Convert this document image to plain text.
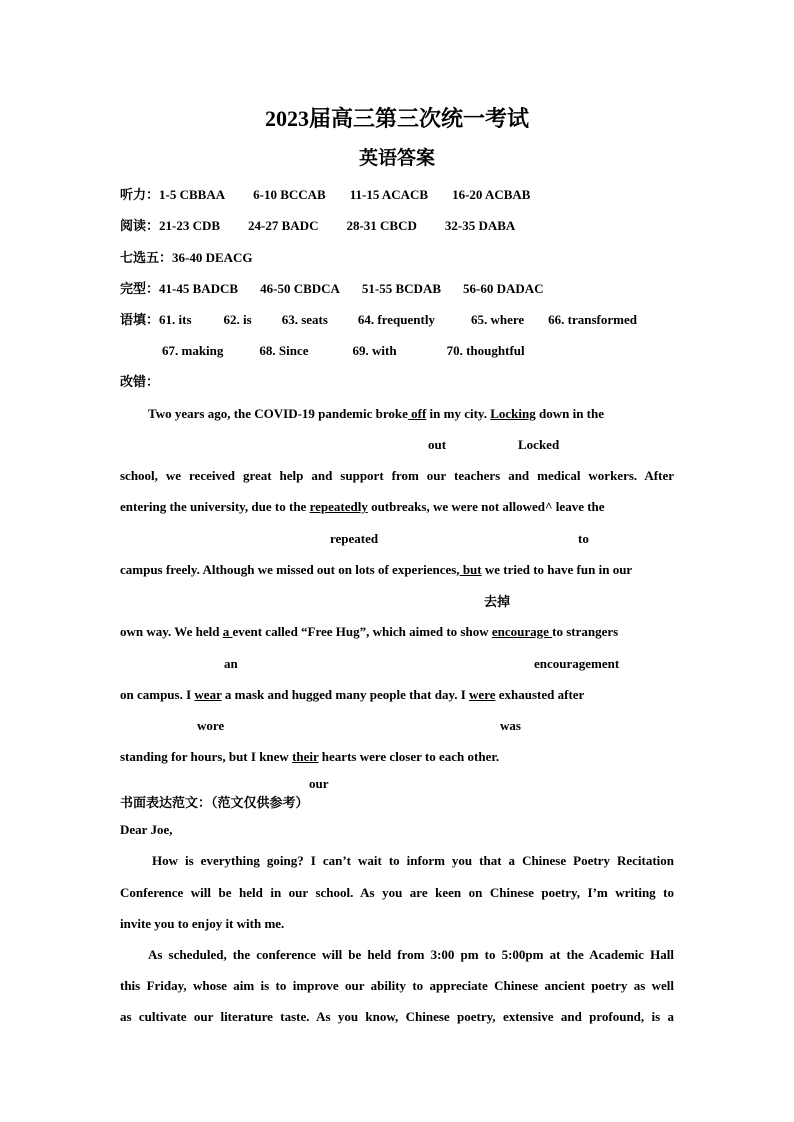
2023届高三第三次统一考试
英语答案
听力：1-5 CBBAA 6-10 BCCAB 11-15 ACACB 16-20 ACBAB
阅读：21-23 CDB 24-27 BADC 28-31 CBCD 32-35 DABA
七选五：36-40 DEACG
完型：41-45 BADCB 46-50 CBDCA 51-55 BCDAB 56-60 DADAC
语填：61. its 62. is 63. seats 64. frequently	65. where 66. transformed
67. making	68. Since	69. with	70. thoughtful
改错：
Two years ago, the COVID-19 pandemic broke off in my city. Locking down in the
out	Locked
school, we received great help and support from our teachers and medical workers. After
entering the university, due to the repeatedly outbreaks, we were not allowed^ leave the
repeated	to
campus freely. Although we missed out on lots of experiences, but we tried to have fun in our
去掉
own way. We held a event called “Free Hug”, which aimed to show encourage to strangers
an	encouragement
on campus. I wear a mask and hugged many people that day. I were exhausted after
wore	was
standing for hours, but I knew their hearts were closer to each other.
our
书面表达范文：（范文仅供参考）
Dear Joe,
How is everything going? I can’t wait to inform you that a Chinese Poetry Recitation
Conference will be held in our school. As you are keen on Chinese poetry, I’m writing to
invite you to enjoy it with me.
As scheduled, the conference will be held from 3:00 pm to 5:00pm at the Academic Hall
this Friday, whose aim is to improve our ability to appreciate Chinese ancient poetry as well
as cultivate our literature taste. As you know, Chinese poetry, extensive and profound, is a
